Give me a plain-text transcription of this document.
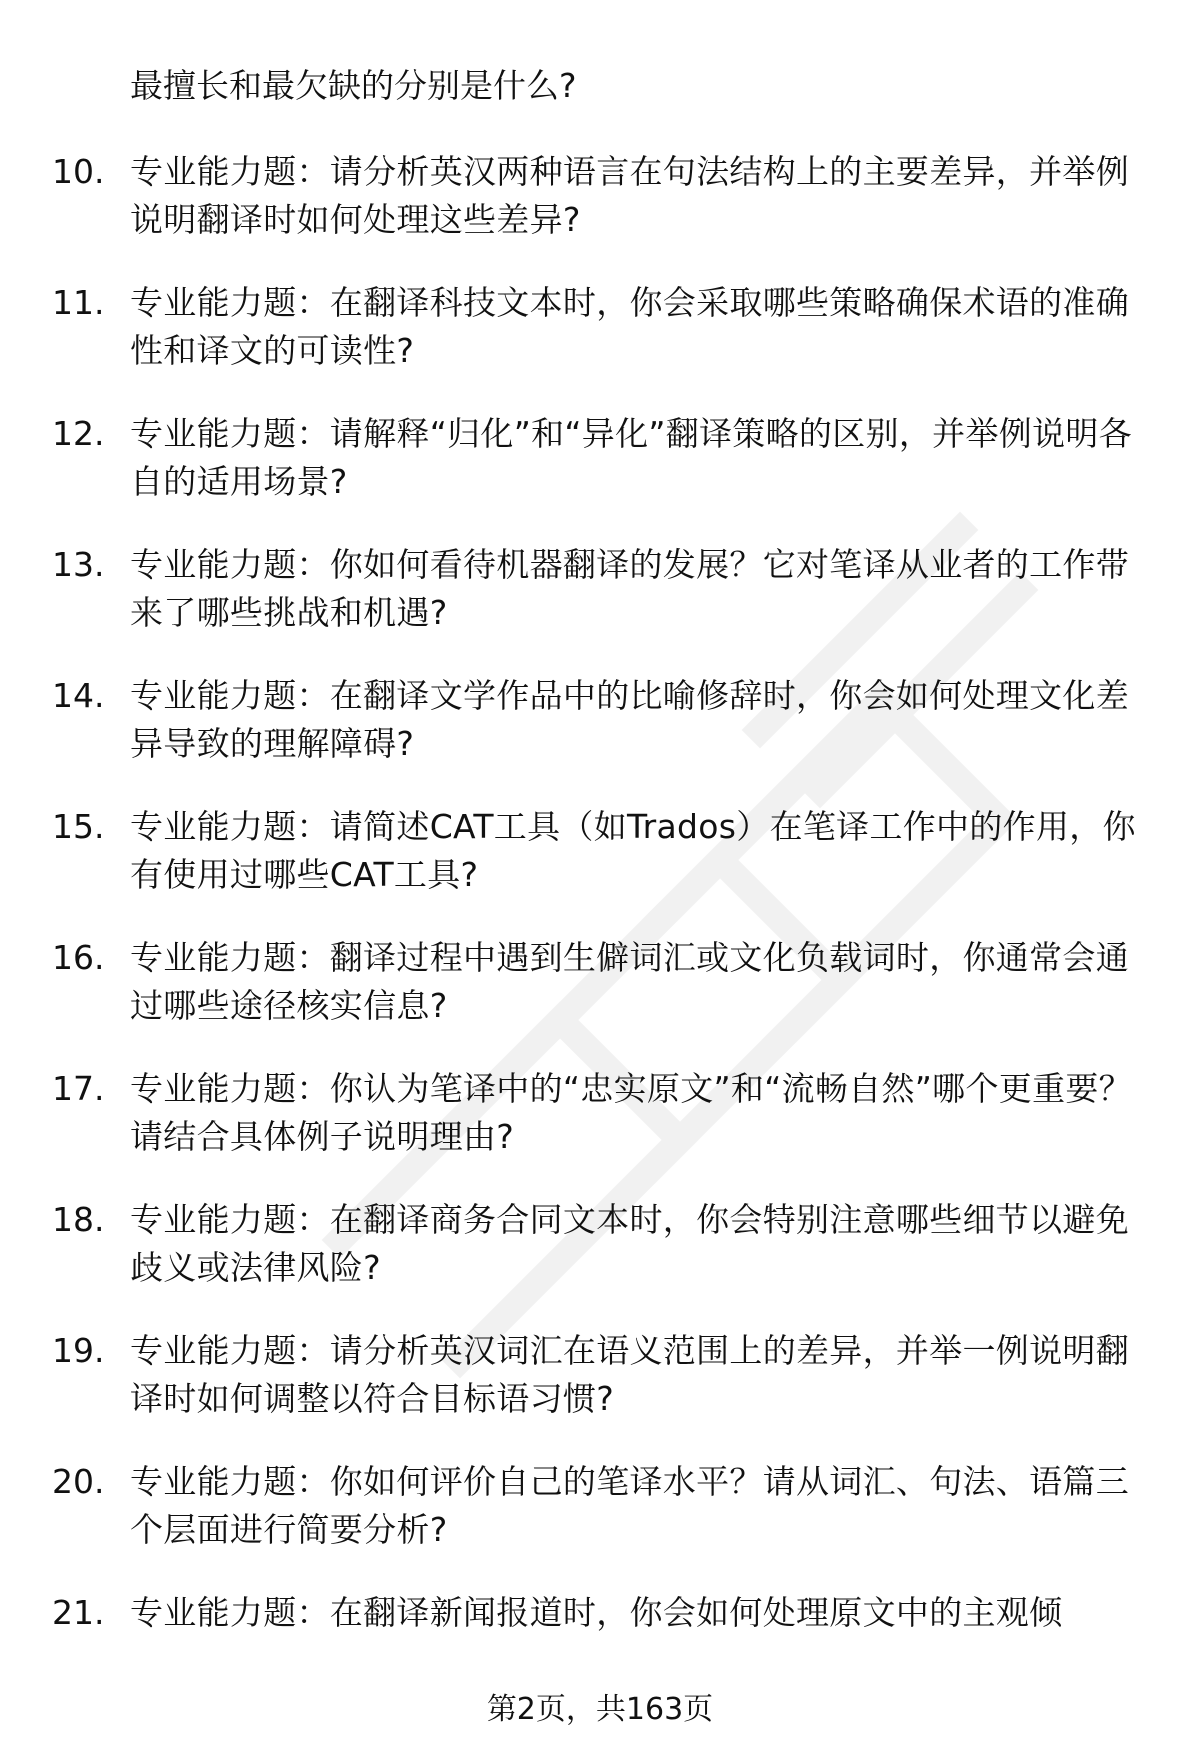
最擅长和最欠缺的分别是什么?
10. 专业能力题：请分析英汉两种语言在句法结构上的主要差异，并举例说明翻译时如何处理这些差异?
11. 专业能力题：在翻译科技文本时，你会采取哪些策略确保术语的准确性和译文的可读性?
12. 专业能力题：请解释“归化”和“异化”翻译策略的区别，并举例说明各自的适用场景?
13. 专业能力题：你如何看待机器翻译的发展？它对笔译从业者的工作带来了哪些挑战和机遇?
14. 专业能力题：在翻译文学作品中的比喻修辞时，你会如何处理文化差异导致的理解障碍?
15. 专业能力题：请简述CAT工具（如Trados）在笔译工作中的作用，你有使用过哪些CAT工具?
16. 专业能力题：翻译过程中遇到生僻词汇或文化负载词时，你通常会通过哪些途径核实信息?
17. 专业能力题：你认为笔译中的“忠实原文”和“流畅自然”哪个更重要？请结合具体例子说明理由?
18. 专业能力题：在翻译商务合同文本时，你会特别注意哪些细节以避免歧义或法律风险?
19. 专业能力题：请分析英汉词汇在语义范围上的差异，并举一例说明翻译时如何调整以符合目标语习惯?
20. 专业能力题：你如何评价自己的笔译水平？请从词汇、句法、语篇三个层面进行简要分析?
21. 专业能力题：在翻译新闻报道时，你会如何处理原文中的主观倾
第2页，共163页
